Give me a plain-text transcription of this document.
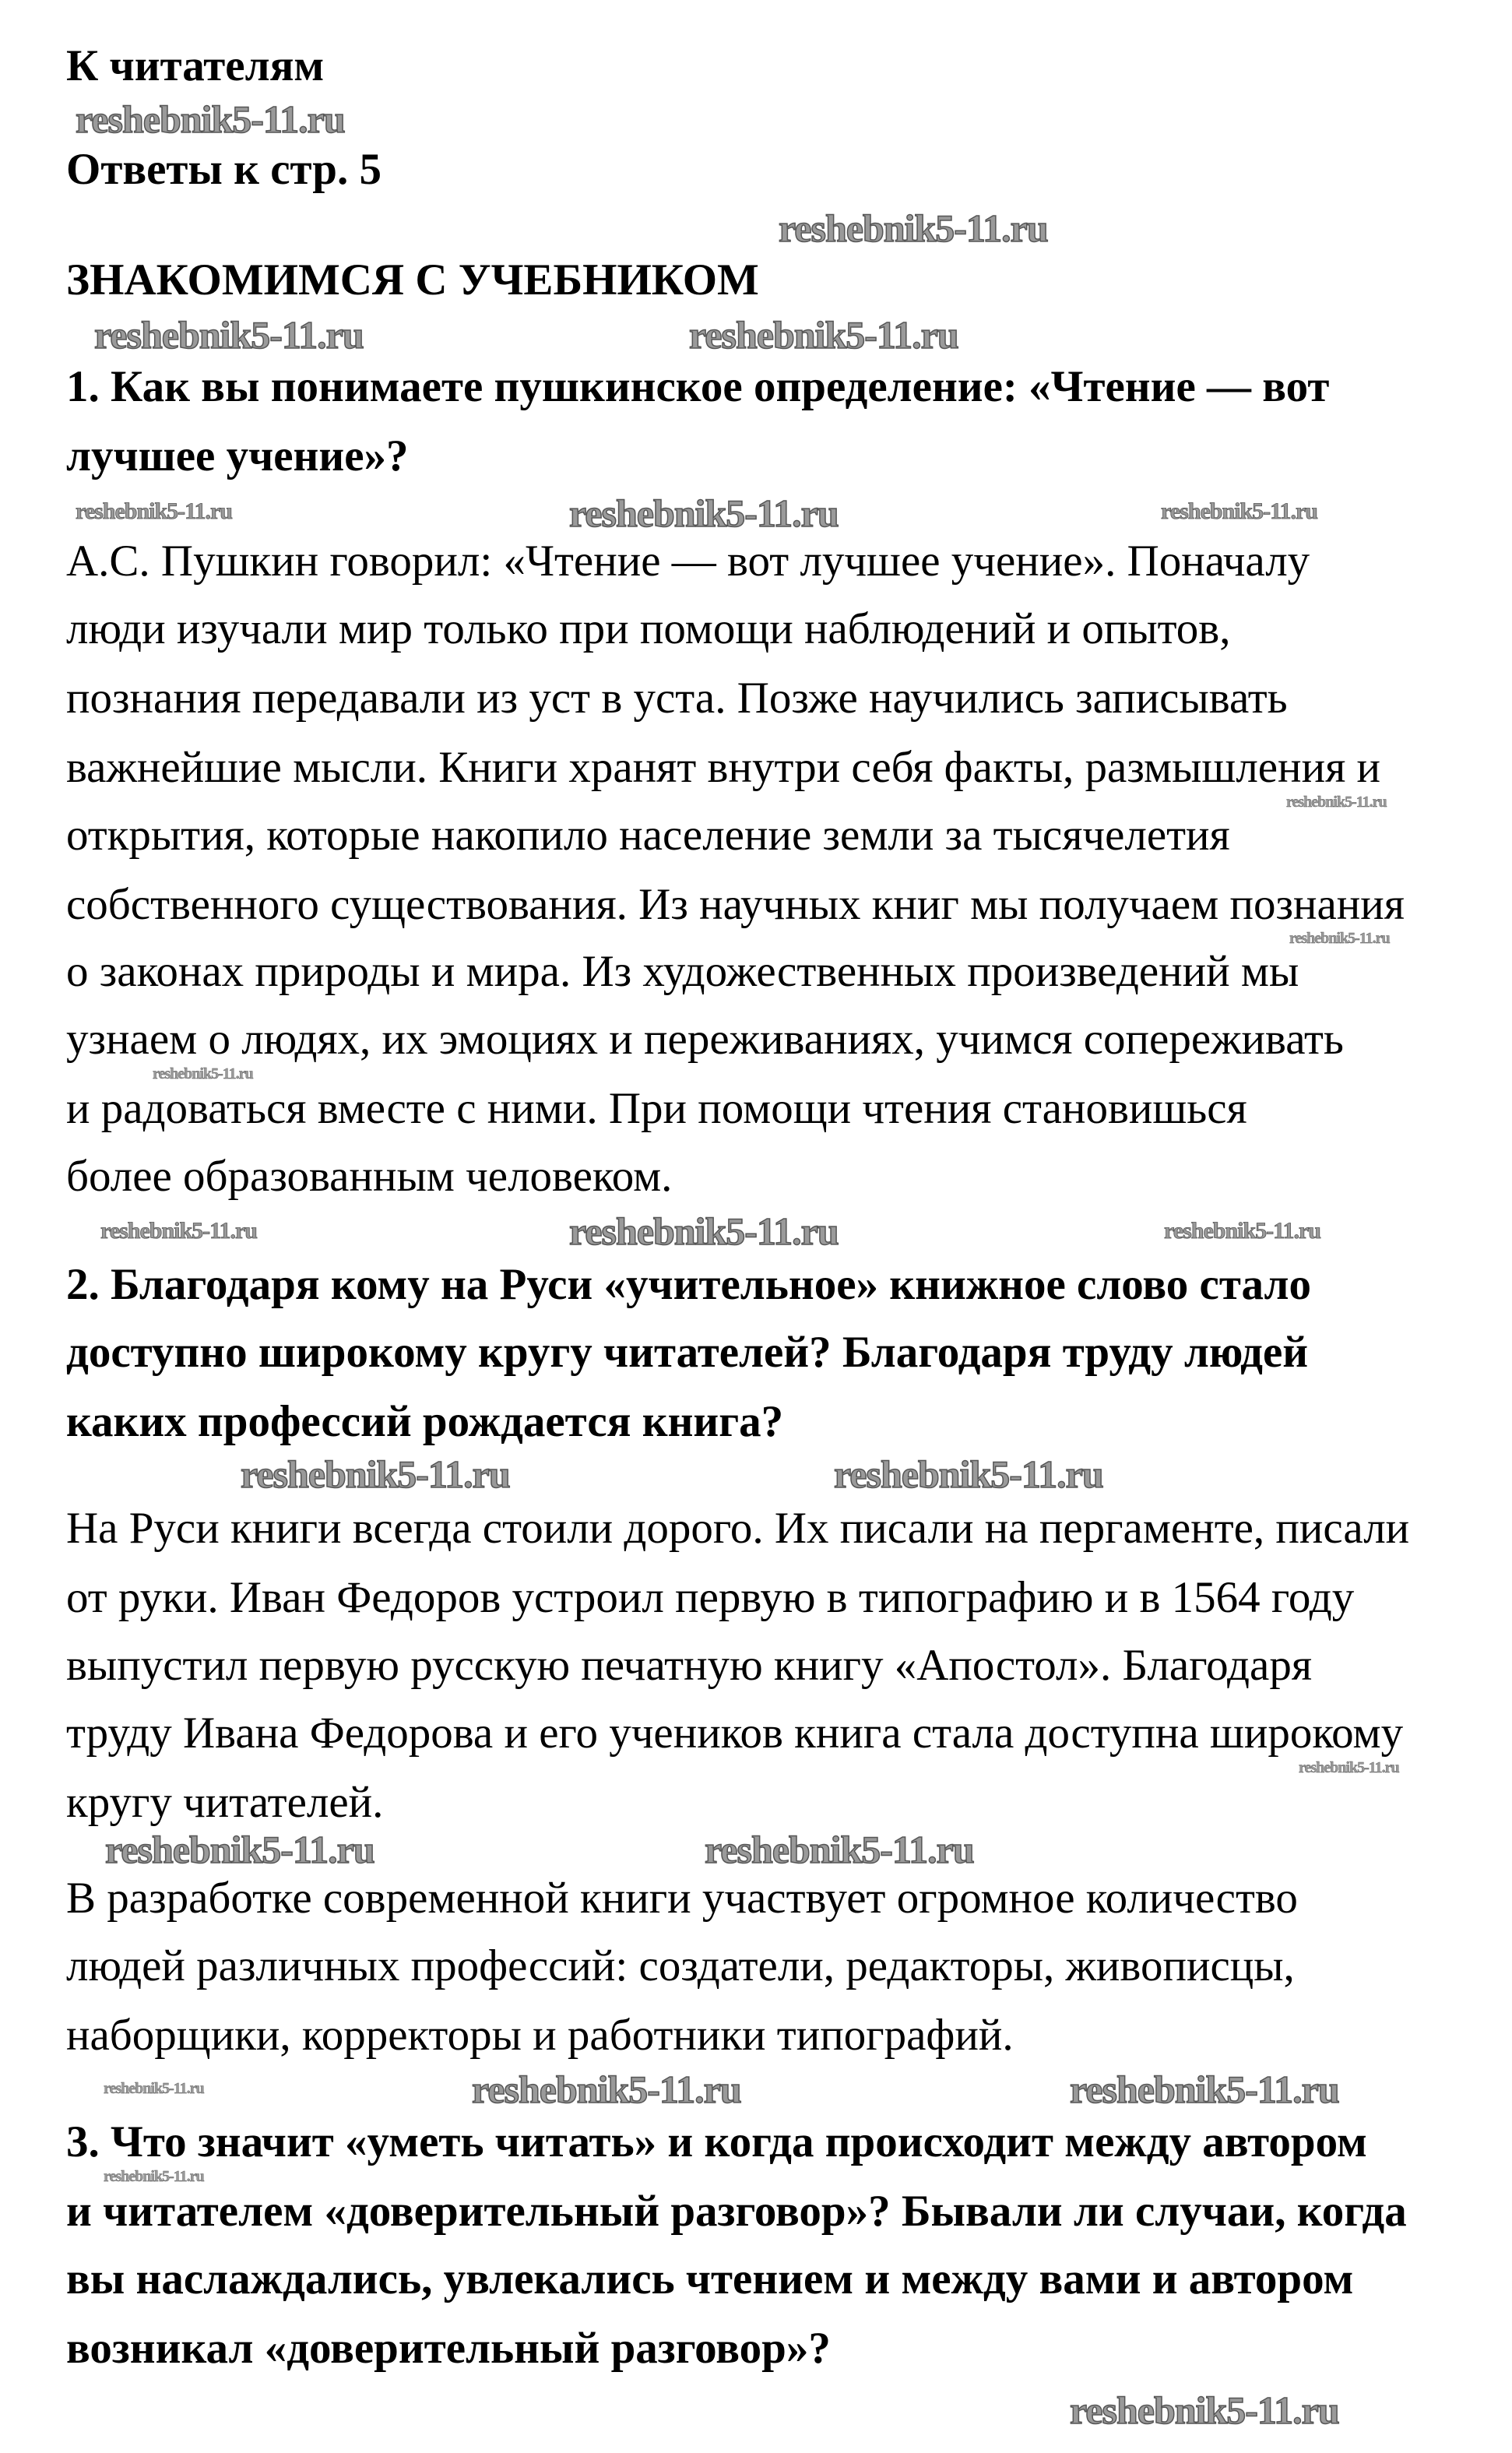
К читателям
Ответы к стр. 5
ЗНАКОМИМСЯ С УЧЕБНИКОМ
1. Как вы понимаете пушкинское определение: «Чтение — вот
лучшее учение»?
А.С. Пушкин говорил: «Чтение — вот лучшее учение». Поначалу
люди изучали мир только при помощи наблюдений и опытов,
познания передавали из уст в уста. Позже научились записывать
важнейшие мысли. Книги хранят внутри себя факты, размышления и
открытия, которые накопило население земли за тысячелетия
собственного существования. Из научных книг мы получаем познания
о законах природы и мира. Из художественных произведений мы
узнаем о людях, их эмоциях и переживаниях, учимся сопереживать
и радоваться вместе с ними. При помощи чтения становишься
более образованным человеком.
2. Благодаря кому на Руси «учительное» книжное слово стало
доступно широкому кругу читателей? Благодаря труду людей
каких профессий рождается книга?
На Руси книги всегда стоили дорого. Их писали на пергаменте, писали
от руки. Иван Федоров устроил первую в типографию и в 1564 году
выпустил первую русскую печатную книгу «Апостол». Благодаря
труду Ивана Федорова и его учеников книга стала доступна широкому
кругу читателей.
В разработке современной книги участвует огромное количество
людей различных профессий: создатели, редакторы, живописцы,
наборщики, корректоры и работники типографий.
3. Что значит «уметь читать» и когда происходит между автором
и читателем «доверительный разговор»? Бывали ли случаи, когда
вы наслаждались, увлекались чтением и между вами и автором
возникал «доверительный разговор»?
reshebnik5-11.ru
reshebnik5-11.ru
reshebnik5-11.ru	reshebnik5-11.ru	reshebnik5-11.ru
reshebnik5-11.ru
reshebnik5-11.ru
reshebnik5-11.ru
reshebnik5-11.ru
reshebnik5-11.ru
reshebnik5-11.ru
reshebnik5-11.ru	reshebnik5-11.ru
reshebnik5-11.ru	reshebnik5-11.ru
reshebnik5-11.ru
reshebnik5-11.ru
reshebnik5-11.ru
reshebnik5-11.ru
reshebnik5-11.ru	reshebnik5-11.ru
reshebnik5-11.ru
reshebnik5-11.ru
